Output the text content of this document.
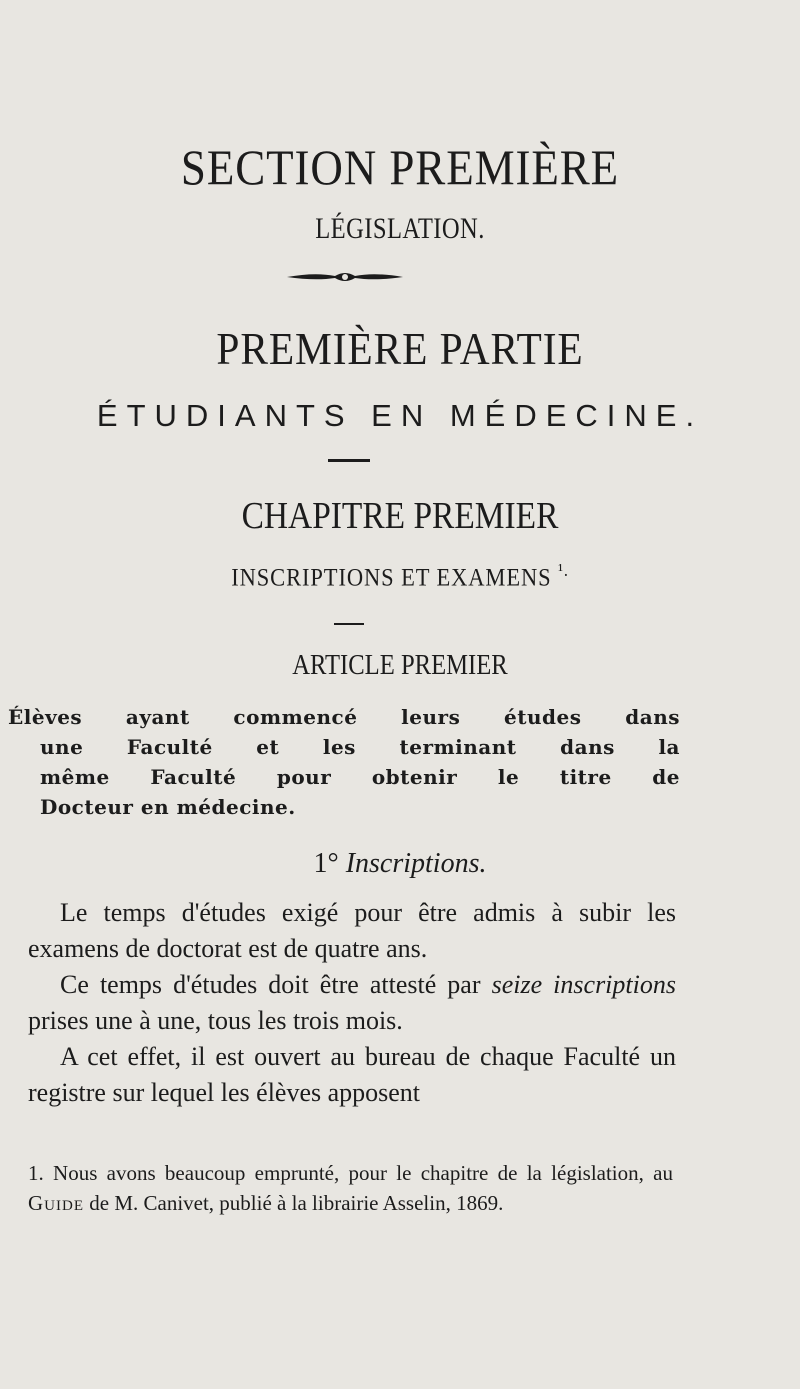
SECTION PREMIÈRE
LÉGISLATION.
PREMIÈRE PARTIE
ÉTUDIANTS EN MÉDECINE.
CHAPITRE PREMIER
INSCRIPTIONS ET EXAMENS $^{^1.}$
ARTICLE PREMIER
Élèves ayant commencé leurs études dans
une Faculté et les terminant dans la
même Faculté pour obtenir le titre de
Docteur en médecine.
1° Inscriptions.

Le temps d'études exigé pour être admis à subir les examens de doctorat est de quatre ans.

Ce temps d'études doit être attesté par seize inscriptions prises une à une, tous les trois mois.

A cet effet, il est ouvert au bureau de chaque Faculté un registre sur lequel les élèves apposent

1. Nous avons beaucoup emprunté, pour le chapitre de la législation, au Guide de M. Canivet, publié à la librairie Asselin, 1869.
